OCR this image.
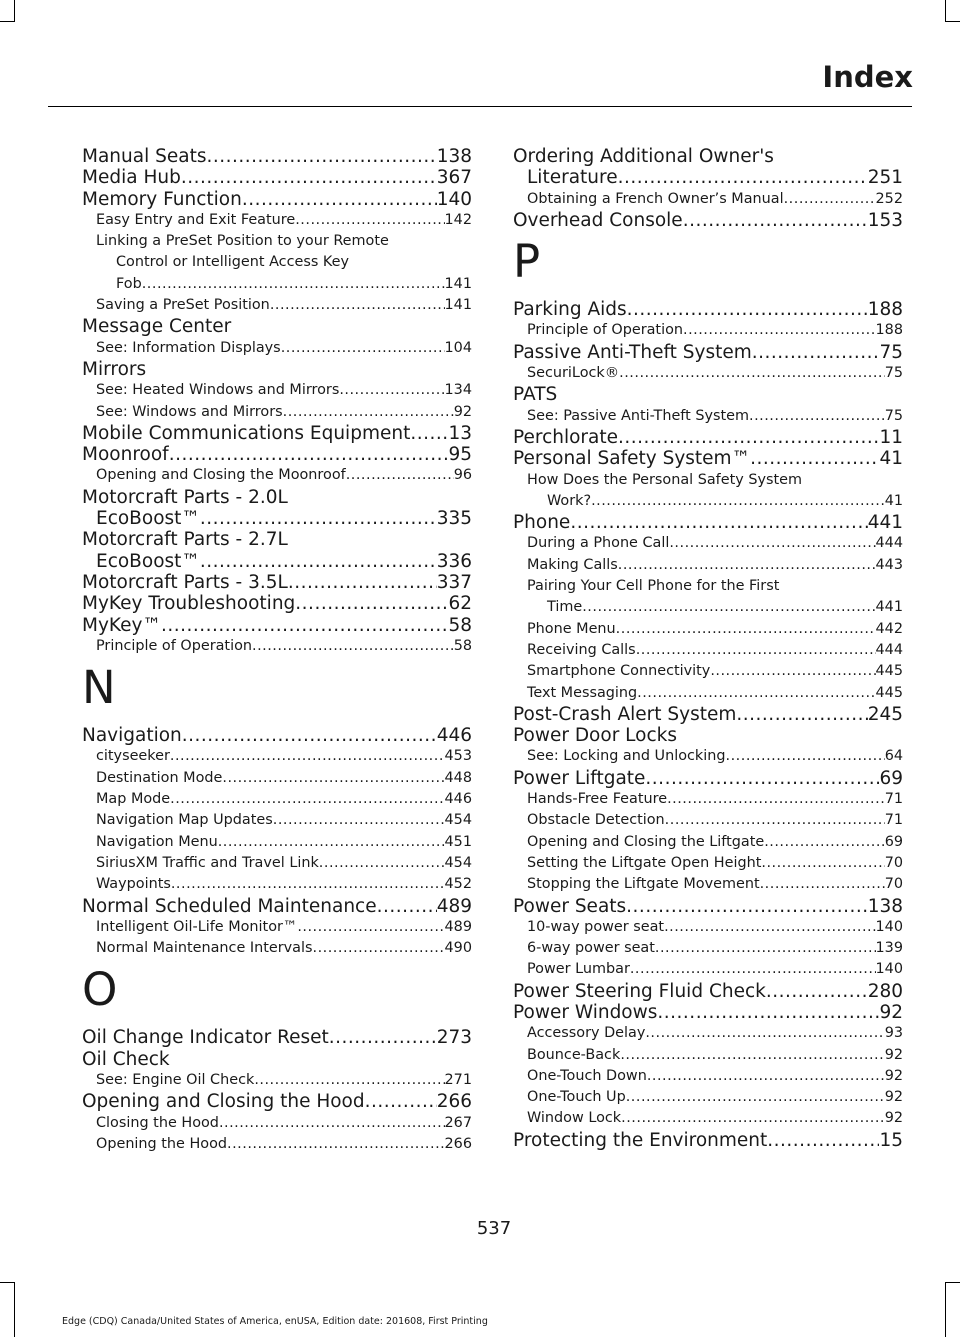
Index
Manual Seats .....	138
Media Hub .....	367
Memory Function .....	140
Easy Entry and Exit Feature .....	142
Linking a PreSet Position to your Remote
Control or Intelligent Access Key
Fob .....	141
Saving a PreSet Position .....	141
Message Center
See: Information Displays .....	104
Mirrors
See: Heated Windows and Mirrors .....	134
See: Windows and Mirrors .....	92
Mobile Communications Equipment ..... 13
Moonroof .....	95
Opening and Closing the Moonroof .....	96
Motorcraft Parts - 2.0L
EcoBoost™ .....	335
Motorcraft Parts - 2.7L
EcoBoost™ .....	336
Motorcraft Parts - 3.5L .....	337
MyKey Troubleshooting .....	62
MyKey™ .....	58
Principle of Operation .....	58
N
Navigation .....	446
cityseeker .....	453
Destination Mode .....	448
Map Mode .....	446
Navigation Map Updates .....	454
Navigation Menu .....	451
SiriusXM Traffic and Travel Link .....	454
Waypoints .....	452
Normal Scheduled Maintenance .....	489
Intelligent Oil-Life Monitor™ .....	489
Normal Maintenance Intervals .....	490
O
Oil Change Indicator Reset .....	273
Oil Check
See: Engine Oil Check .....	271
Opening and Closing the Hood .....	266
Closing the Hood .....	267
Opening the Hood .....	266
Ordering Additional Owner's
Literature .....	251
Obtaining a French Owner’s Manual .....	252
Overhead Console .....	153
P
Parking Aids .....	188
Principle of Operation .....	188
Passive Anti-Theft System .....	75
SecuriLock® .....	75
PATS
See: Passive Anti-Theft System .....	75
Perchlorate .....	11
Personal Safety System™ .....	41
How Does the Personal Safety System
Work? .....	41
Phone .....	441
During a Phone Call .....	444
Making Calls .....	443
Pairing Your Cell Phone for the First
Time .....	441
Phone Menu .....	442
Receiving Calls .....	444
Smartphone Connectivity .....	445
Text Messaging .....	445
Post-Crash Alert System .....	245
Power Door Locks
See: Locking and Unlocking .....	64
Power Liftgate .....	69
Hands-Free Feature .....	71
Obstacle Detection .....	71
Opening and Closing the Liftgate .....	69
Setting the Liftgate Open Height .....	70
Stopping the Liftgate Movement .....	70
Power Seats .....	138
10-way power seat .....	140
6-way power seat .....	139
Power Lumbar .....	140
Power Steering Fluid Check .....	280
Power Windows .....	92
Accessory Delay .....	93
Bounce-Back .....	92
One-Touch Down .....	92
One-Touch Up .....	92
Window Lock .....	92
Protecting the Environment .....	15
537
Edge (CDQ) Canada/United States of America, enUSA, Edition date: 201608, First Printing
